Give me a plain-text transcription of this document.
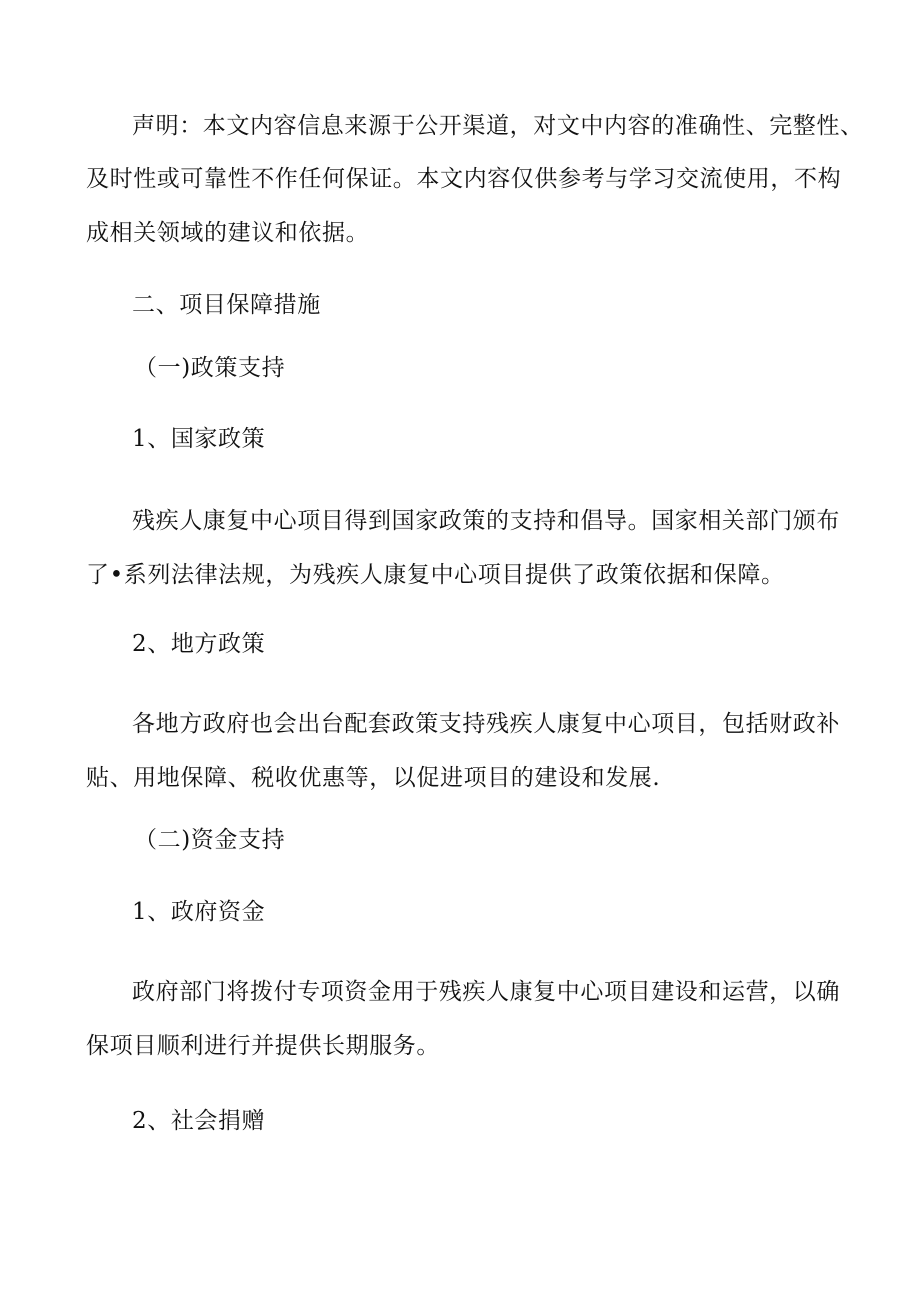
声明：本文内容信息来源于公开渠道，对文中内容的准确性、完整性、
及时性或可靠性不作任何保证。本文内容仅供参考与学习交流使用，不构
成相关领域的建议和依据。
二、项目保障措施
（一)政策支持
1、国家政策
残疾人康复中心项目得到国家政策的支持和倡导。国家相关部门颁布
了•系列法律法规，为残疾人康复中心项目提供了政策依据和保障。
2、地方政策
各地方政府也会出台配套政策支持残疾人康复中心项目，包括财政补
贴、用地保障、税收优惠等，以促进项目的建设和发展.
（二)资金支持
1、政府资金
政府部门将拨付专项资金用于残疾人康复中心项目建设和运营，以确
保项目顺利进行并提供长期服务。
2、社会捐赠
